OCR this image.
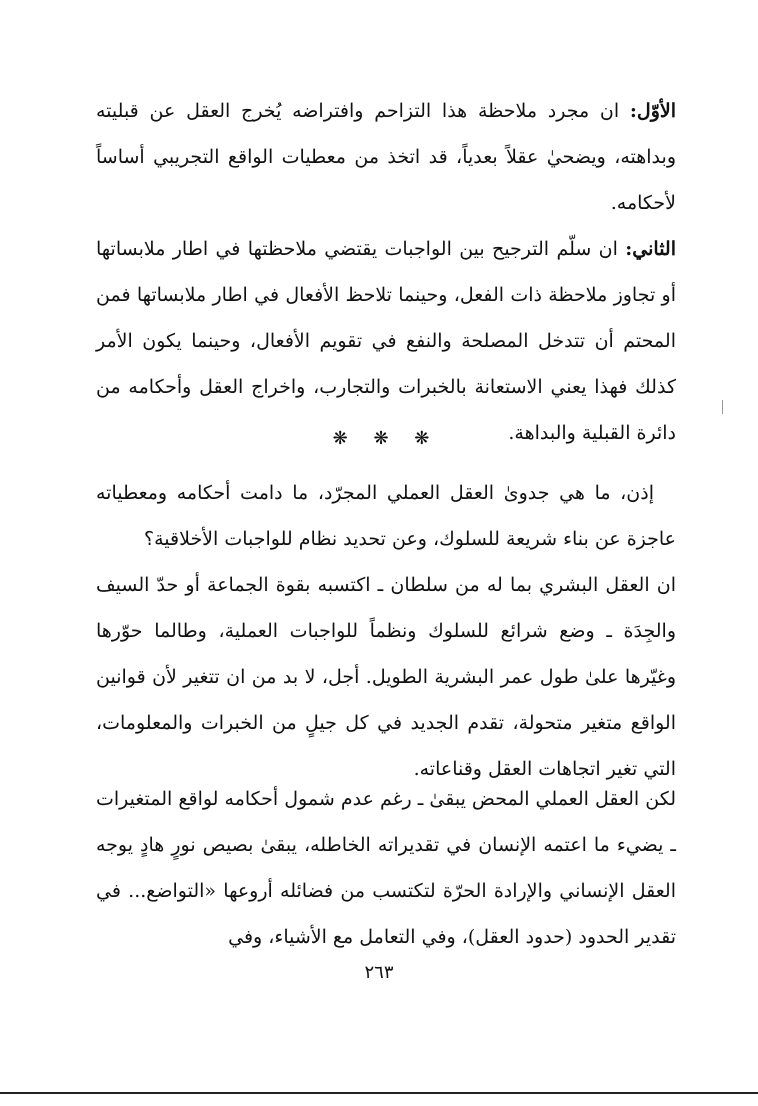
الأوّل: ان مجرد ملاحظة هذا التزاحم وافتراضه يُخرج العقل عن قبليته وبداهته، ويضحيٰ عقلاً بعدياً، قد اتخذ من معطيات الواقع التجريبي أساساً لأحكامه.

الثاني: ان سلّم الترجيح بين الواجبات يقتضي ملاحظتها في اطار ملابساتها أو تجاوز ملاحظة ذات الفعل، وحينما تلاحظ الأفعال في اطار ملابساتها فمن المحتم أن تتدخل المصلحة والنفع في تقويم الأفعال، وحينما يكون الأمر كذلك فهذا يعني الاستعانة بالخبرات والتجارب، واخراج العقل وأحكامه من دائرة القبلية والبداهة.

❋ ❋ ❋

إذن، ما هي جدوىٰ العقل العملي المجرّد، ما دامت أحكامه ومعطياته عاجزة عن بناء شريعة للسلوك، وعن تحديد نظام للواجبات الأخلاقية؟

ان العقل البشري بما له من سلطان ـ اكتسبه بقوة الجماعة أو حدّ السيف والجِدَة ـ وضع شرائع للسلوك ونظماً للواجبات العملية، وطالما حوّرها وغيّرها علىٰ طول عمر البشرية الطويل. أجل، لا بد من ان تتغير لأن قوانين الواقع متغير متحولة، تقدم الجديد في كل جيلٍ من الخبرات والمعلومات، التي تغير اتجاهات العقل وقناعاته.

لكن العقل العملي المحض يبقىٰ ـ رغم عدم شمول أحكامه لواقع المتغيرات ـ يضيء ما اعتمه الإنسان في تقديراته الخاطله، يبقىٰ بصيص نورٍ هادٍ يوجه العقل الإنساني والإرادة الحرّة لتكتسب من فضائله أروعها «التواضع... في تقدير الحدود (حدود العقل)، وفي التعامل مع الأشياء، وفي

٢٦٣
